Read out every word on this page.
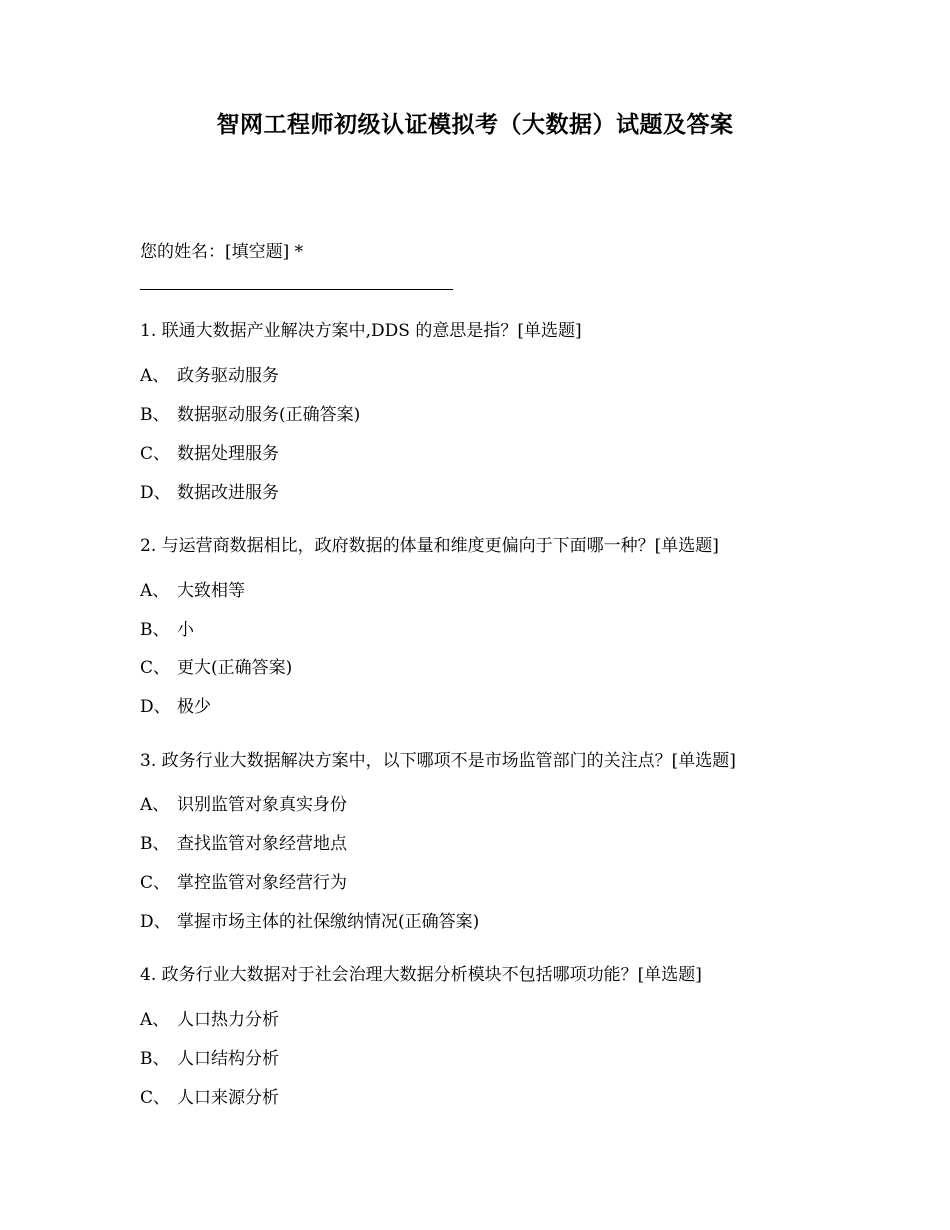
智网工程师初级认证模拟考（大数据）试题及答案
您的姓名：[填空题] *
1. 联通大数据产业解决方案中,DDS 的意思是指？[单选题]
A、 政务驱动服务
B、 数据驱动服务(正确答案)
C、 数据处理服务
D、 数据改进服务
2. 与运营商数据相比，政府数据的体量和维度更偏向于下面哪一种？[单选题]
A、 大致相等
B、 小
C、 更大(正确答案)
D、 极少
3. 政务行业大数据解决方案中，以下哪项不是市场监管部门的关注点？[单选题]
A、 识别监管对象真实身份
B、 查找监管对象经营地点
C、 掌控监管对象经营行为
D、 掌握市场主体的社保缴纳情况(正确答案)
4. 政务行业大数据对于社会治理大数据分析模块不包括哪项功能？[单选题]
A、 人口热力分析
B、 人口结构分析
C、 人口来源分析
